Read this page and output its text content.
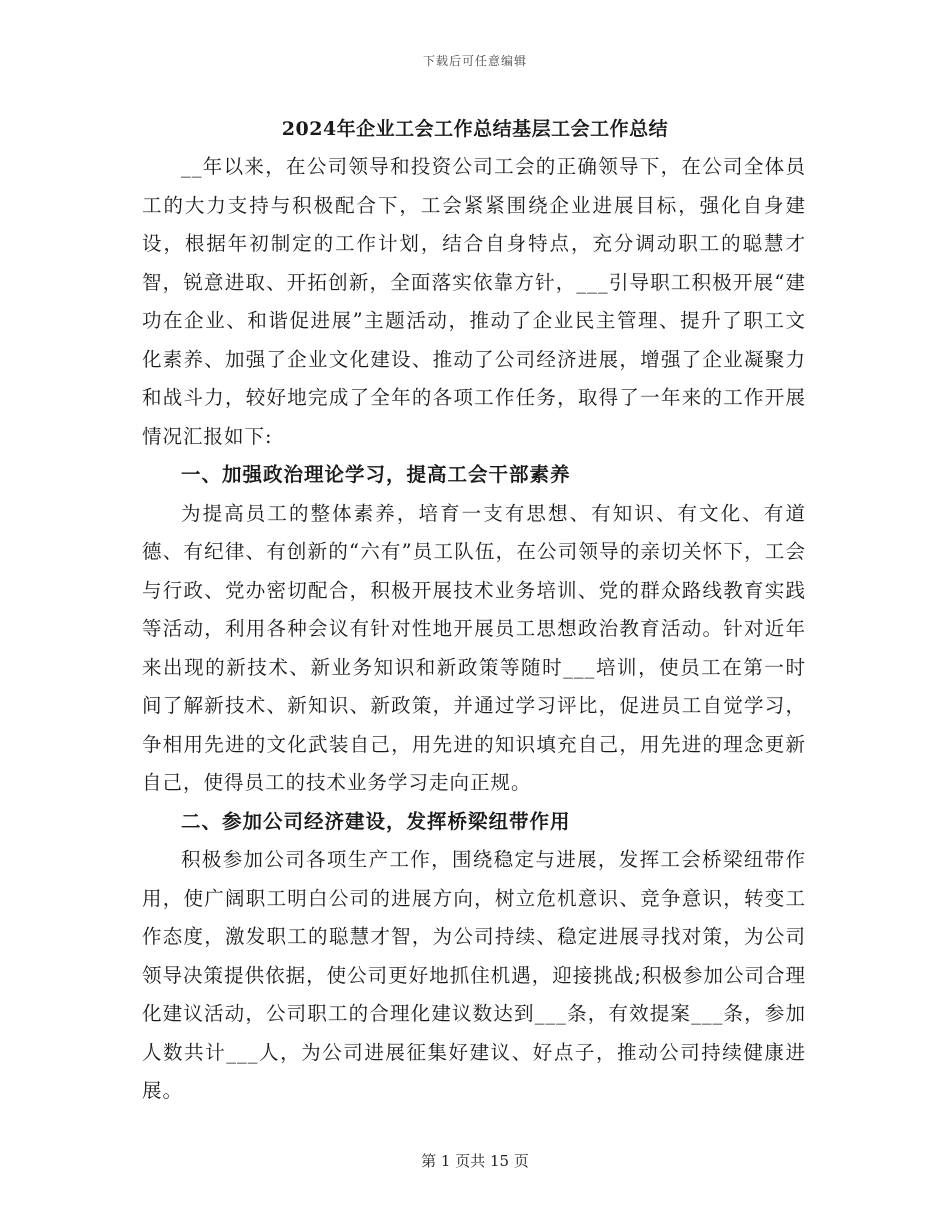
下载后可任意编辑
2024年企业工会工作总结基层工会工作总结

__年以来，在公司领导和投资公司工会的正确领导下，在公司全体员工的大力支持与积极配合下，工会紧紧围绕企业进展目标，强化自身建设，根据年初制定的工作计划，结合自身特点，充分调动职工的聪慧才智，锐意进取、开拓创新，全面落实依靠方针，___引导职工积极开展“建功在企业、和谐促进展”主题活动，推动了企业民主管理、提升了职工文化素养、加强了企业文化建设、推动了公司经济进展，增强了企业凝聚力和战斗力，较好地完成了全年的各项工作任务，取得了一年来的工作开展情况汇报如下:

一、加强政治理论学习，提高工会干部素养

为提高员工的整体素养，培育一支有思想、有知识、有文化、有道德、有纪律、有创新的“六有”员工队伍，在公司领导的亲切关怀下，工会与行政、党办密切配合，积极开展技术业务培训、党的群众路线教育实践等活动，利用各种会议有针对性地开展员工思想政治教育活动。针对近年来出现的新技术、新业务知识和新政策等随时___培训，使员工在第一时间了解新技术、新知识、新政策，并通过学习评比，促进员工自觉学习，争相用先进的文化武装自己，用先进的知识填充自己，用先进的理念更新自己，使得员工的技术业务学习走向正规。

二、参加公司经济建设，发挥桥梁纽带作用

积极参加公司各项生产工作，围绕稳定与进展，发挥工会桥梁纽带作用，使广阔职工明白公司的进展方向，树立危机意识、竞争意识，转变工作态度，激发职工的聪慧才智，为公司持续、稳定进展寻找对策，为公司领导决策提供依据，使公司更好地抓住机遇，迎接挑战;积极参加公司合理化建议活动，公司职工的合理化建议数达到___条，有效提案___条，参加人数共计___人，为公司进展征集好建议、好点子，推动公司持续健康进展。

第 1 页共 15 页
